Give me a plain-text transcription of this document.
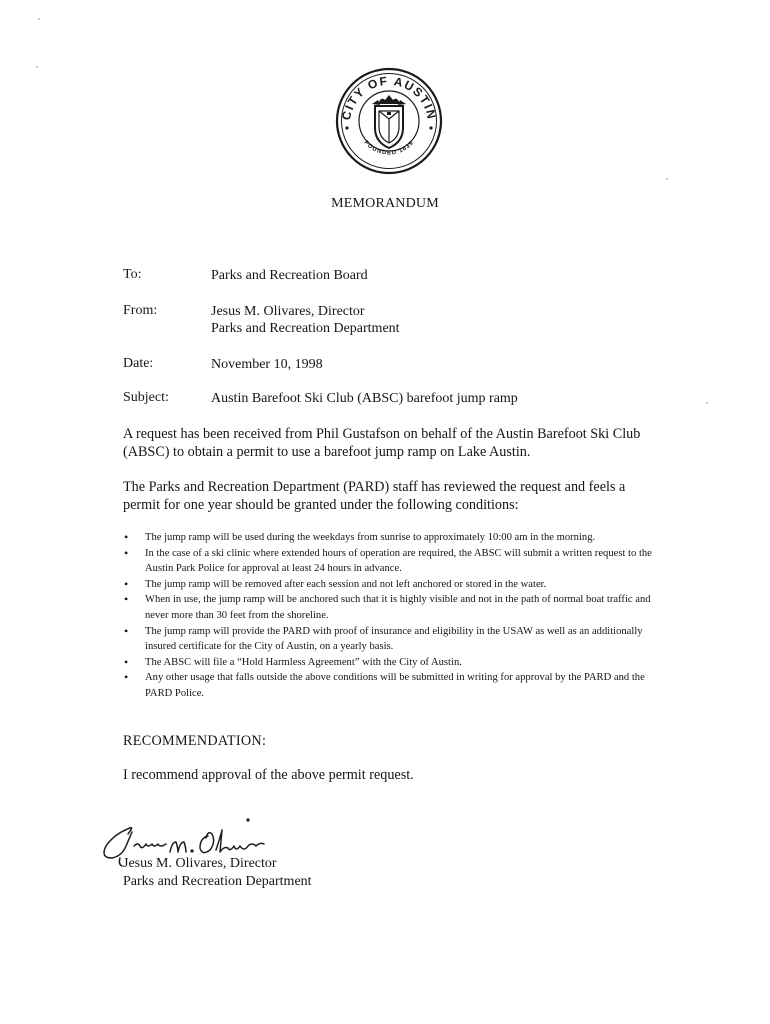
CITY OF AUSTIN
FOUNDED 1839
MEMORANDUM
To:	Parks and Recreation Board
From:	Jesus M. Olivares, Director
Parks and Recreation Department
Date:	November 10, 1998
Subject:	Austin Barefoot Ski Club (ABSC) barefoot jump ramp
A request has been received from Phil Gustafson on behalf of the Austin Barefoot Ski Club (ABSC) to obtain a permit to use a barefoot jump ramp on Lake Austin.
The Parks and Recreation Department (PARD) staff has reviewed the request and feels a permit for one year should be granted under the following conditions:
• The jump ramp will be used during the weekdays from sunrise to approximately 10:00 am in the morning.
• In the case of a ski clinic where extended hours of operation are required, the ABSC will submit a written request to the Austin Park Police for approval at least 24 hours in advance.
• The jump ramp will be removed after each session and not left anchored or stored in the water.
• When in use, the jump ramp will be anchored such that it is highly visible and not in the path of normal boat traffic and never more than 30 feet from the shoreline.
• The jump ramp will provide the PARD with proof of insurance and eligibility in the USAW as well as an additionally insured certificate for the City of Austin, on a yearly basis.
• The ABSC will file a “Hold Harmless Agreement” with the City of Austin.
• Any other usage that falls outside the above conditions will be submitted in writing for approval by the PARD and the PARD Police.
RECOMMENDATION:
I recommend approval of the above permit request.
Jesus M. Olivares, Director
Parks and Recreation Department
